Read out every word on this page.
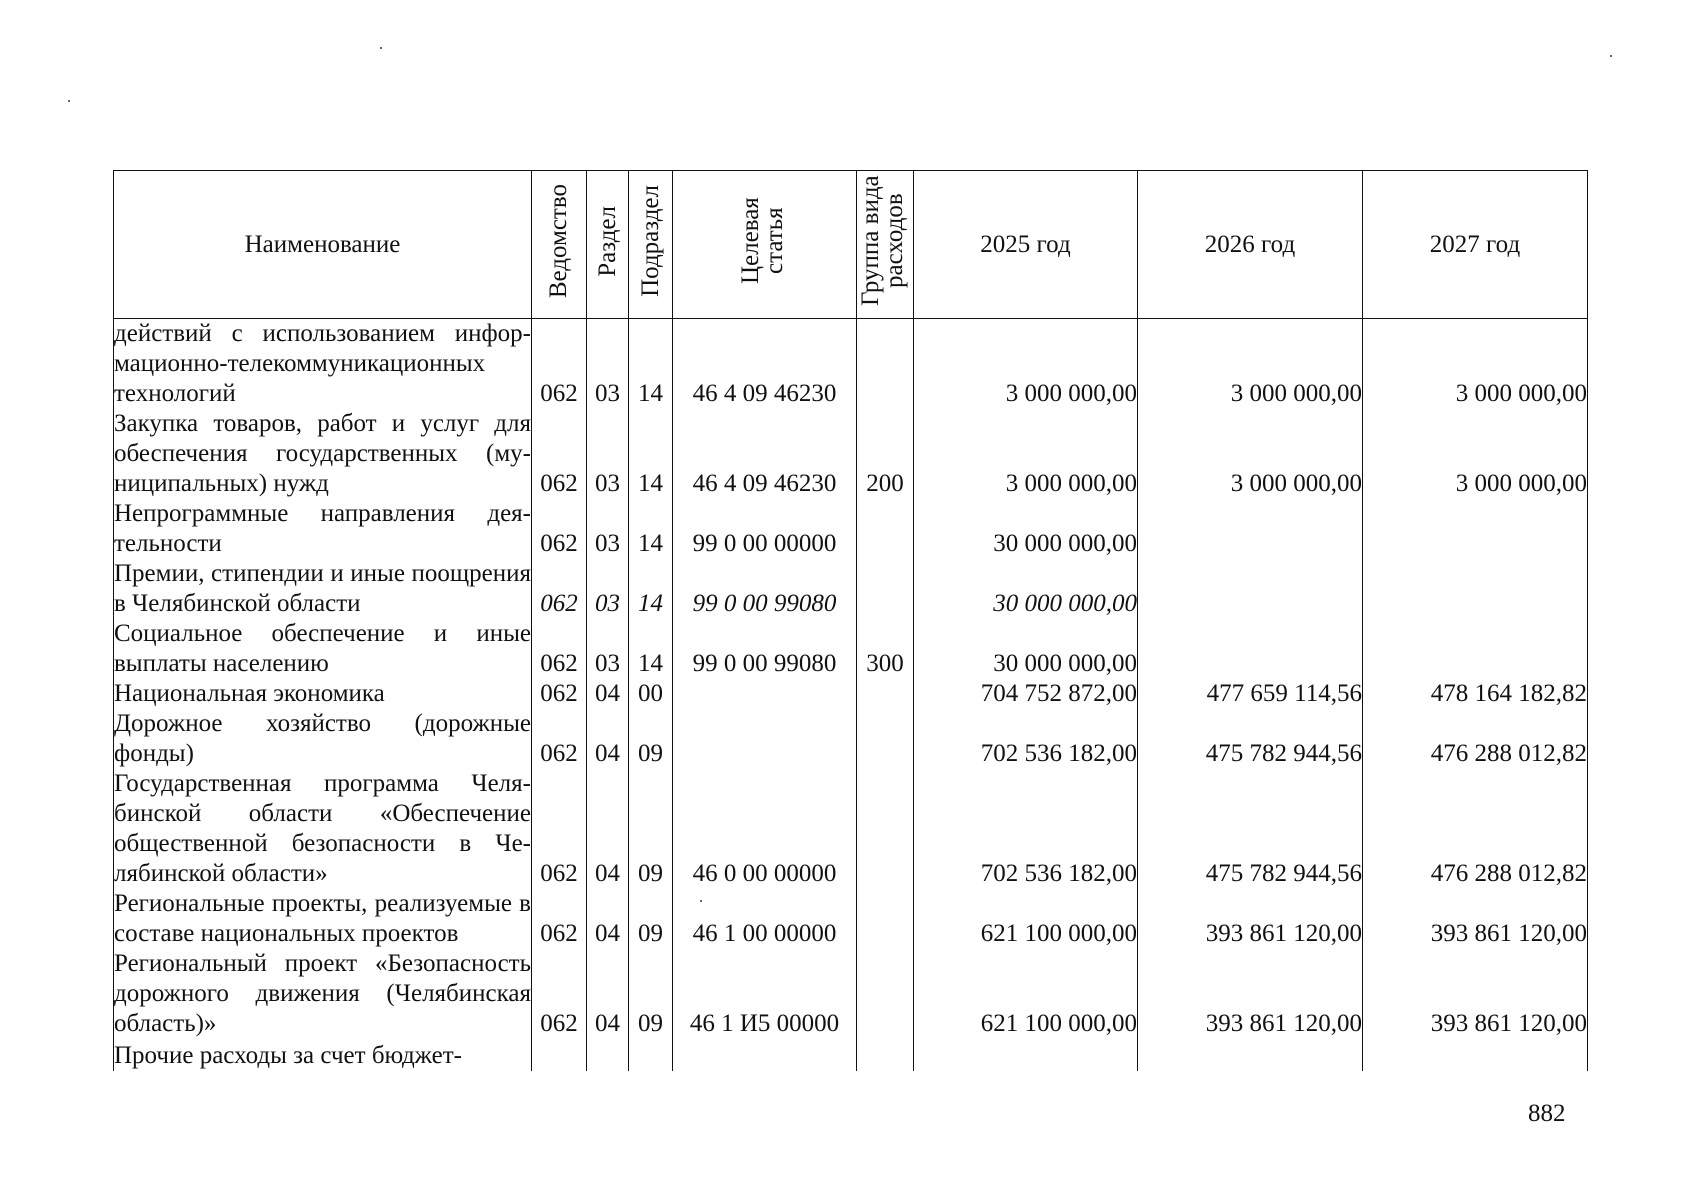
Наименование	Ведомство	Раздел	Подраздел	Целевая статья	Группа вида расходов	2025 год	2026 год	2027 год
действий с использованием информационно-телекоммуникационных технологий	062	03	14	46 4 09 46230		3 000 000,00	3 000 000,00	3 000 000,00
Закупка товаров, работ и услуг для обеспечения государственных (муниципальных) нужд	062	03	14	46 4 09 46230	200	3 000 000,00	3 000 000,00	3 000 000,00
Непрограммные направления деятельности	062	03	14	99 0 00 00000		30 000 000,00		
Премии, стипендии и иные поощрения в Челябинской области	062	03	14	99 0 00 99080		30 000 000,00		
Социальное обеспечение и иные выплаты населению	062	03	14	99 0 00 99080	300	30 000 000,00		
Национальная экономика	062	04	00			704 752 872,00	477 659 114,56	478 164 182,82
Дорожное хозяйство (дорожные фонды)	062	04	09			702 536 182,00	475 782 944,56	476 288 012,82
Государственная программа Челябинской области «Обеспечение общественной безопасности в Челябинской области»	062	04	09	46 0 00 00000		702 536 182,00	475 782 944,56	476 288 012,82
Региональные проекты, реализуемые в составе национальных проектов	062	04	09	46 1 00 00000		621 100 000,00	393 861 120,00	393 861 120,00
Региональный проект «Безопасность дорожного движения (Челябинская область)»	062	04	09	46 1 И5 00000		621 100 000,00	393 861 120,00	393 861 120,00
Прочие расходы за счет бюджет-								
882
